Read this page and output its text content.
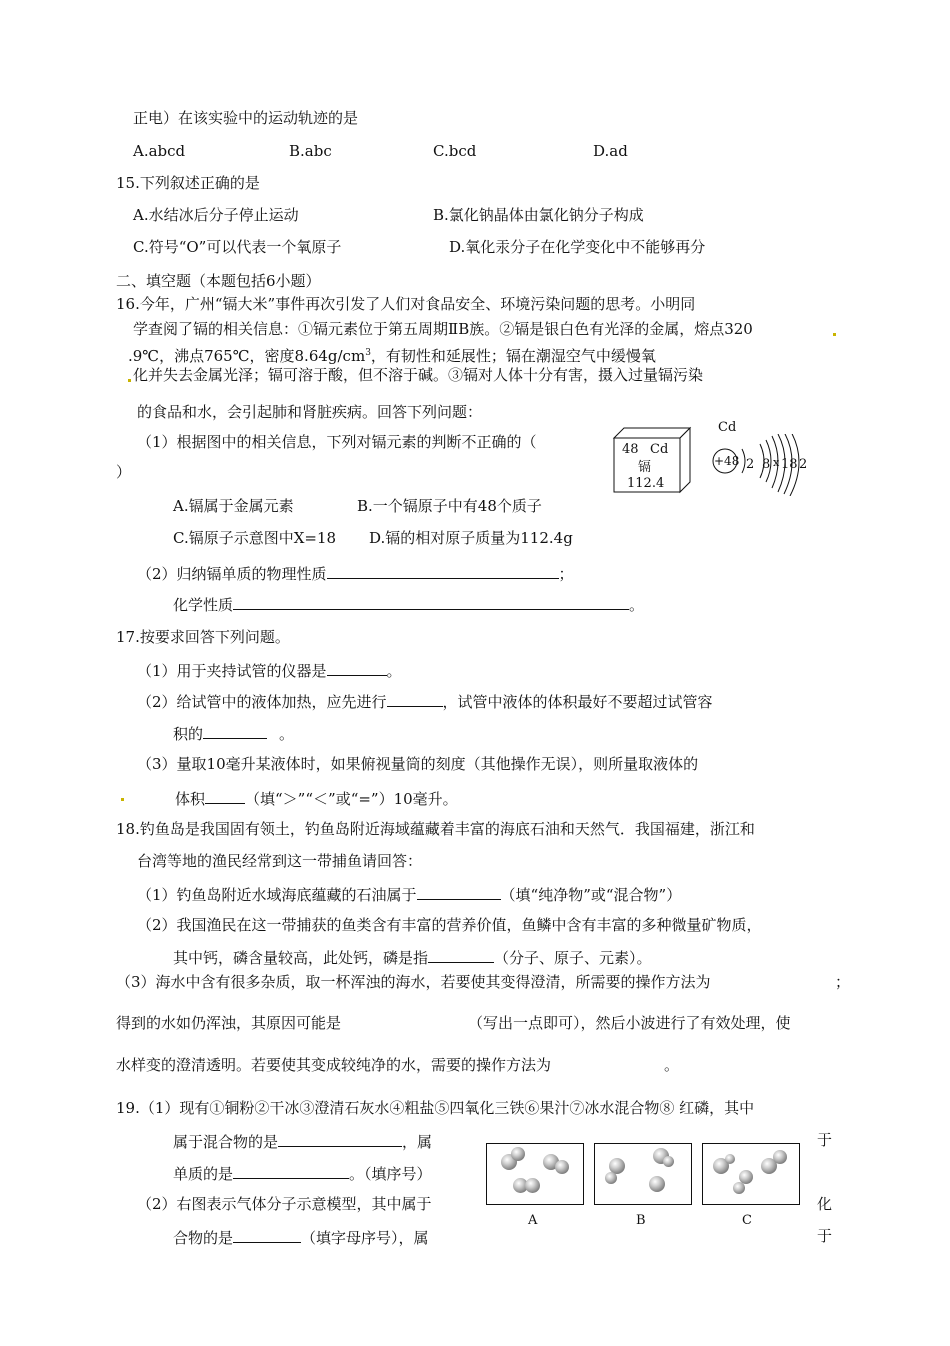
正电）在该实验中的运动轨迹的是
A.abcd	B.abc	C.bcd	D.ad
15.下列叙述正确的是
A.水结冰后分子停止运动	B.氯化钠晶体由氯化钠分子构成
C.符号“O”可以代表一个氧原子	D.氧化汞分子在化学变化中不能够再分
二、填空题（本题包括6小题）
16.今年，广州“镉大米”事件再次引发了人们对食品安全、环境污染问题的思考。小明同
学查阅了镉的相关信息：①镉元素位于第五周期ⅡB族。②镉是银白色有光泽的金属，熔点320
.9℃，沸点765℃，密度$8.64g/cm^3$，有韧性和延展性；镉在潮湿空气中缓慢氧
化并失去金属光泽；镉可溶于酸，但不溶于碱。③镉对人体十分有害，摄入过量镉污染
的食品和水，会引起肺和肾脏疾病。回答下列问题：
（1）根据图中的相关信息，下列对镉元素的判断不正确的（
）
48 Cd
镉
112.4
Cd
+48 2 8 x 18 2
A.镉属于金属元素	B.一个镉原子中有48个质子
C.镉原子示意图中X=18 D.镉的相对原子质量为112.4g
（2）归纳镉单质的物理性质	；
化学性质	。
17.按要求回答下列问题。
（1）用于夹持试管的仪器是	。
（2）给试管中的液体加热，应先进行	，试管中液体的体积最好不要超过试管容
积的	。
（3）量取10毫升某液体时，如果俯视量筒的刻度（其他操作无误），则所量取液体的
体积	（填“＞”“＜”或“=”）10毫升。
18.钓鱼岛是我国固有领土，钓鱼岛附近海域蕴藏着丰富的海底石油和天然气．我国福建，浙江和
台湾等地的渔民经常到这一带捕鱼请回答：
（1）钓鱼岛附近水域海底蕴藏的石油属于	（填“纯净物”或“混合物”）
（2）我国渔民在这一带捕获的鱼类含有丰富的营养价值，鱼鳞中含有丰富的多种微量矿物质，
其中钙，磷含量较高，此处钙，磷是指	（分子、原子、元素）。
（3）海水中含有很多杂质，取一杯浑浊的海水，若要使其变得澄清，所需要的操作方法为	；
得到的水如仍浑浊，其原因可能是	（写出一点即可），然后小波进行了有效处理，使
水样变的澄清透明。若要使其变成较纯净的水，需要的操作方法为	。
19.（1）现有①铜粉②干冰③澄清石灰水④粗盐⑤四氧化三铁⑥果汁⑦冰水混合物⑧ 红磷，其中
属于混合物的是	，属	于
单质的是	。（填序号）
（2）右图表示气体分子示意模型，其中属于	化
合物的是	（填字母序号），属	于
A	B	C
